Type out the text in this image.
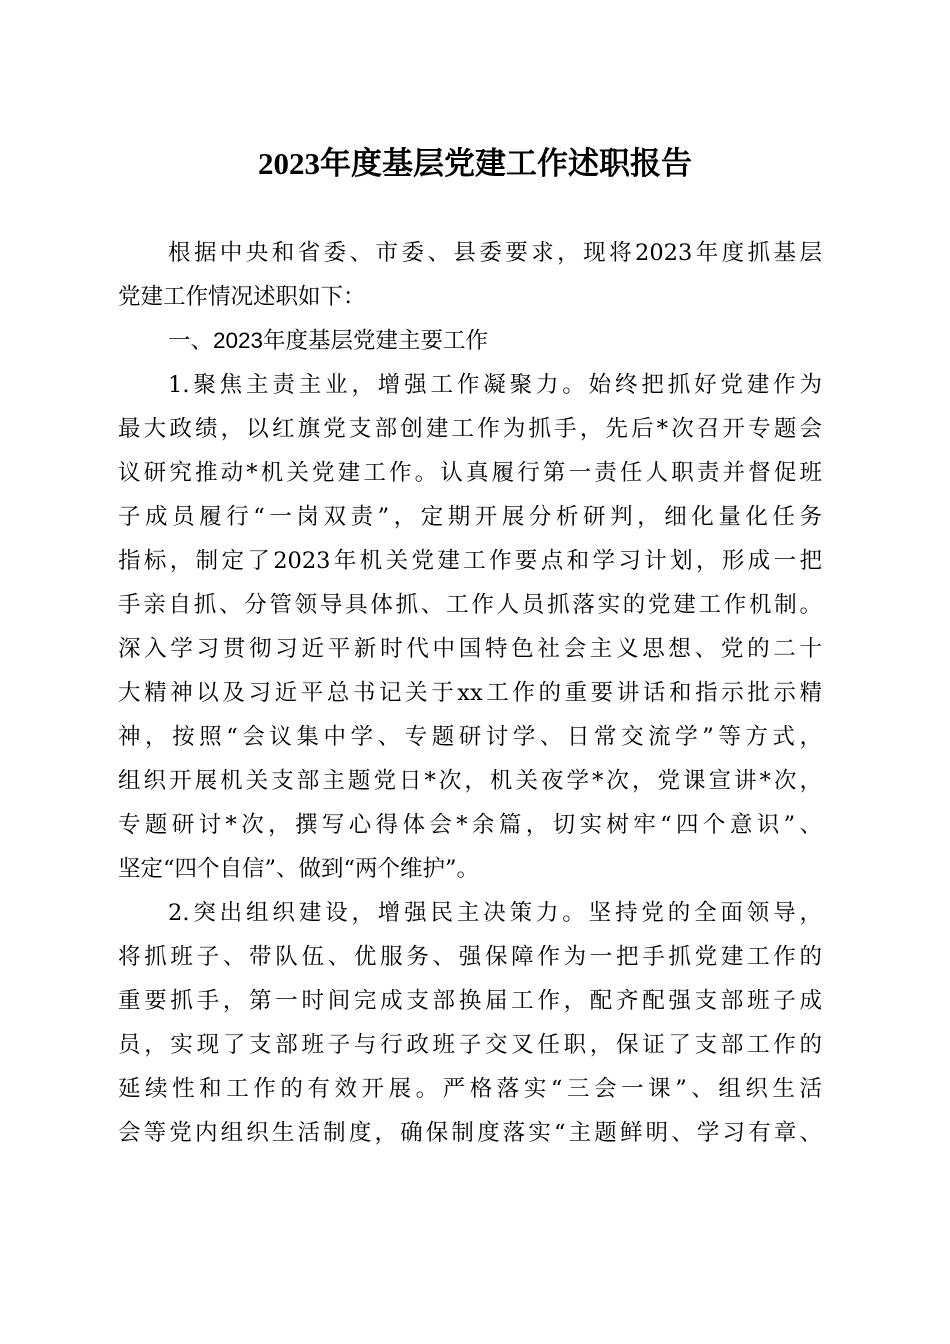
2023年度基层党建工作述职报告
根据中央和省委、市委、县委要求，现将2023年度抓基层
党建工作情况述职如下：
一、2023年度基层党建主要工作
1.聚焦主责主业，增强工作凝聚力。始终把抓好党建作为
最大政绩，以红旗党支部创建工作为抓手，先后*次召开专题会
议研究推动*机关党建工作。认真履行第一责任人职责并督促班
子成员履行“一岗双责”，定期开展分析研判，细化量化任务
指标，制定了2023年机关党建工作要点和学习计划，形成一把
手亲自抓、分管领导具体抓、工作人员抓落实的党建工作机制。
深入学习贯彻习近平新时代中国特色社会主义思想、党的二十
大精神以及习近平总书记关于xx工作的重要讲话和指示批示精
神，按照“会议集中学、专题研讨学、日常交流学”等方式，
组织开展机关支部主题党日*次，机关夜学*次，党课宣讲*次，
专题研讨*次，撰写心得体会*余篇，切实树牢“四个意识”、
坚定“四个自信”、做到“两个维护”。
2.突出组织建设，增强民主决策力。坚持党的全面领导，
将抓班子、带队伍、优服务、强保障作为一把手抓党建工作的
重要抓手，第一时间完成支部换届工作，配齐配强支部班子成
员，实现了支部班子与行政班子交叉任职，保证了支部工作的
延续性和工作的有效开展。严格落实“三会一课”、组织生活
会等党内组织生活制度，确保制度落实“主题鲜明、学习有章、
